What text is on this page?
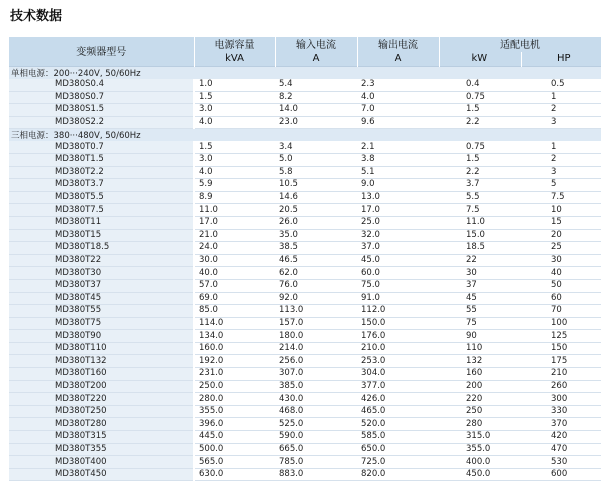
技术数据
变频器型号	电源容量	输入电流	输出电流	适配电机	
	kVA	A	A	kW	HP
单相电源：200···240V, 50/60Hz					
MD380S0.4	1.0	5.4	2.3	0.4	0.5
MD380S0.7	1.5	8.2	4.0	0.75	1
MD380S1.5	3.0	14.0	7.0	1.5	2
MD380S2.2	4.0	23.0	9.6	2.2	3
三相电源：380···480V, 50/60Hz					
MD380T0.7	1.5	3.4	2.1	0.75	1
MD380T1.5	3.0	5.0	3.8	1.5	2
MD380T2.2	4.0	5.8	5.1	2.2	3
MD380T3.7	5.9	10.5	9.0	3.7	5
MD380T5.5	8.9	14.6	13.0	5.5	7.5
MD380T7.5	11.0	20.5	17.0	7.5	10
MD380T11	17.0	26.0	25.0	11.0	15
MD380T15	21.0	35.0	32.0	15.0	20
MD380T18.5	24.0	38.5	37.0	18.5	25
MD380T22	30.0	46.5	45.0	22	30
MD380T30	40.0	62.0	60.0	30	40
MD380T37	57.0	76.0	75.0	37	50
MD380T45	69.0	92.0	91.0	45	60
MD380T55	85.0	113.0	112.0	55	70
MD380T75	114.0	157.0	150.0	75	100
MD380T90	134.0	180.0	176.0	90	125
MD380T110	160.0	214.0	210.0	110	150
MD380T132	192.0	256.0	253.0	132	175
MD380T160	231.0	307.0	304.0	160	210
MD380T200	250.0	385.0	377.0	200	260
MD380T220	280.0	430.0	426.0	220	300
MD380T250	355.0	468.0	465.0	250	330
MD380T280	396.0	525.0	520.0	280	370
MD380T315	445.0	590.0	585.0	315.0	420
MD380T355	500.0	665.0	650.0	355.0	470
MD380T400	565.0	785.0	725.0	400.0	530
MD380T450	630.0	883.0	820.0	450.0	600
